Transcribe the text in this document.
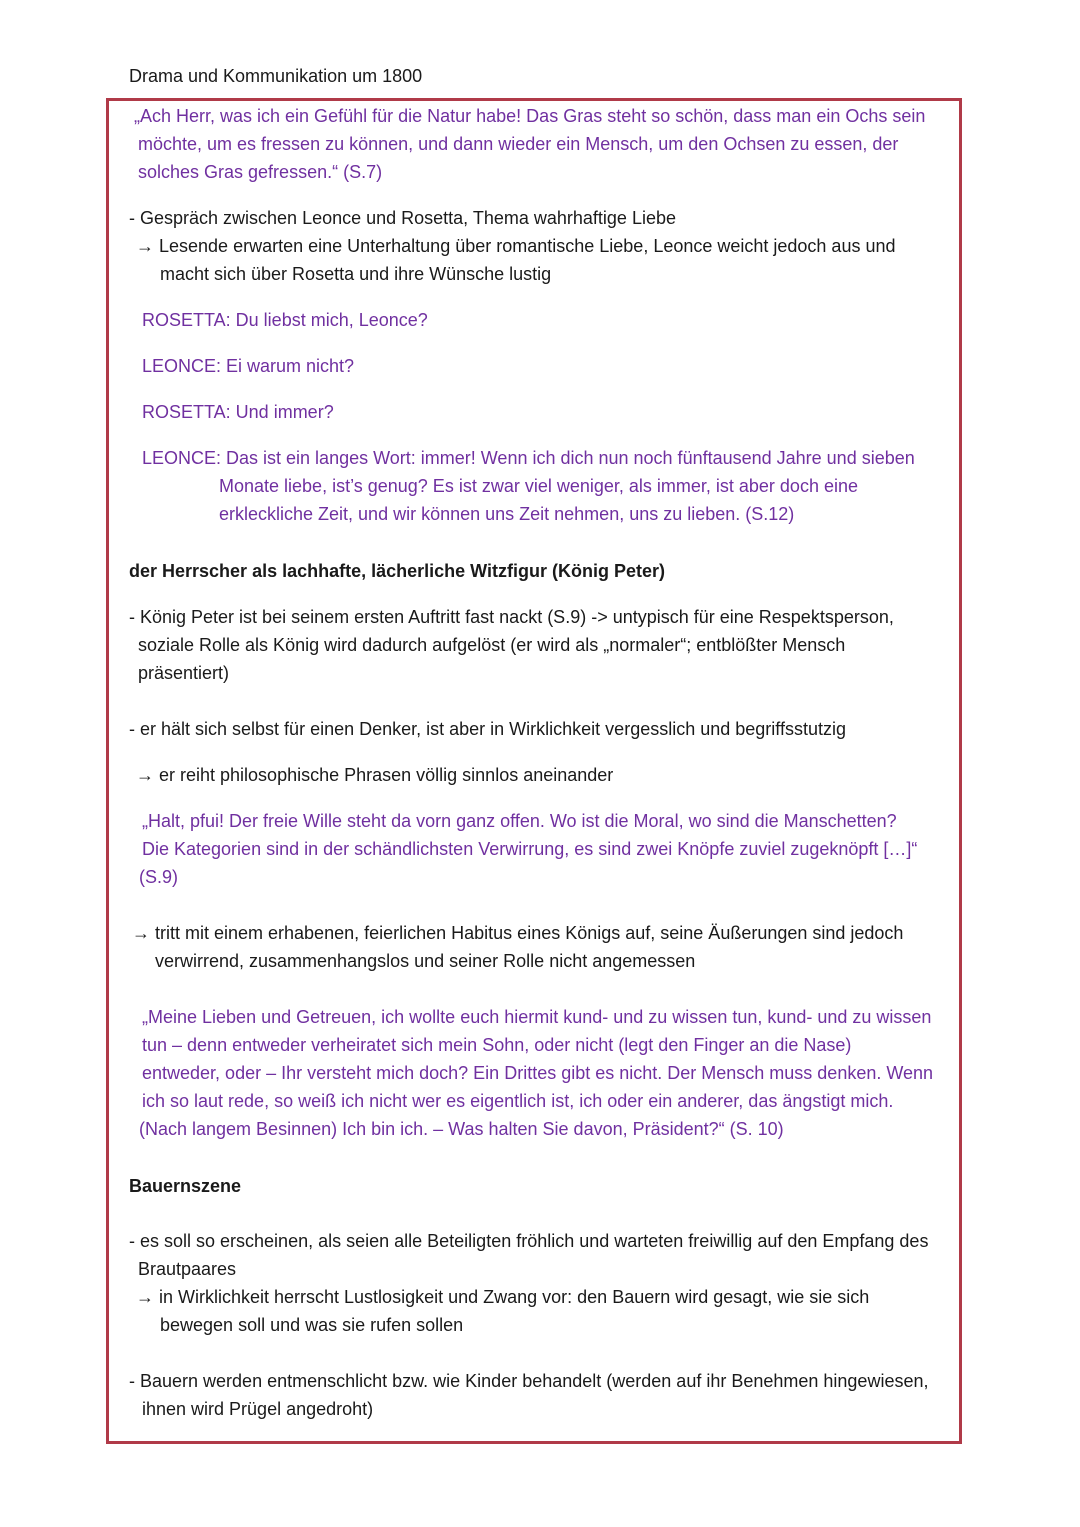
Drama und Kommunikation um 1800
„Ach Herr, was ich ein Gefühl für die Natur habe! Das Gras steht so schön, dass man ein Ochs sein
möchte, um es fressen zu können, und dann wieder ein Mensch, um den Ochsen zu essen, der
solches Gras gefressen.“ (S.7)
- Gespräch zwischen Leonce und Rosetta, Thema wahrhaftige Liebe
→ Lesende erwarten eine Unterhaltung über romantische Liebe, Leonce weicht jedoch aus und
macht sich über Rosetta und ihre Wünsche lustig
ROSETTA: Du liebst mich, Leonce?
LEONCE: Ei warum nicht?
ROSETTA: Und immer?
LEONCE: Das ist ein langes Wort: immer! Wenn ich dich nun noch fünftausend Jahre und sieben
Monate liebe, ist’s genug? Es ist zwar viel weniger, als immer, ist aber doch eine
erkleckliche Zeit, und wir können uns Zeit nehmen, uns zu lieben. (S.12)
der Herrscher als lachhafte, lächerliche Witzfigur (König Peter)
- König Peter ist bei seinem ersten Auftritt fast nackt (S.9) -> untypisch für eine Respektsperson,
soziale Rolle als König wird dadurch aufgelöst (er wird als „normaler“; entblößter Mensch
präsentiert)
- er hält sich selbst für einen Denker, ist aber in Wirklichkeit vergesslich und begriffsstutzig
→ er reiht philosophische Phrasen völlig sinnlos aneinander
„Halt, pfui! Der freie Wille steht da vorn ganz offen. Wo ist die Moral, wo sind die Manschetten?
Die Kategorien sind in der schändlichsten Verwirrung, es sind zwei Knöpfe zuviel zugeknöpft […]“
(S.9)
→ tritt mit einem erhabenen, feierlichen Habitus eines Königs auf, seine Äußerungen sind jedoch
verwirrend, zusammenhangslos und seiner Rolle nicht angemessen
„Meine Lieben und Getreuen, ich wollte euch hiermit kund- und zu wissen tun, kund- und zu wissen
tun – denn entweder verheiratet sich mein Sohn, oder nicht (legt den Finger an die Nase)
entweder, oder – Ihr versteht mich doch? Ein Drittes gibt es nicht. Der Mensch muss denken. Wenn
ich so laut rede, so weiß ich nicht wer es eigentlich ist, ich oder ein anderer, das ängstigt mich.
(Nach langem Besinnen) Ich bin ich. – Was halten Sie davon, Präsident?“ (S. 10)
Bauernszene
- es soll so erscheinen, als seien alle Beteiligten fröhlich und warteten freiwillig auf den Empfang des
Brautpaares
→ in Wirklichkeit herrscht Lustlosigkeit und Zwang vor: den Bauern wird gesagt, wie sie sich
bewegen soll und was sie rufen sollen
- Bauern werden entmenschlicht bzw. wie Kinder behandelt (werden auf ihr Benehmen hingewiesen,
ihnen wird Prügel angedroht)
